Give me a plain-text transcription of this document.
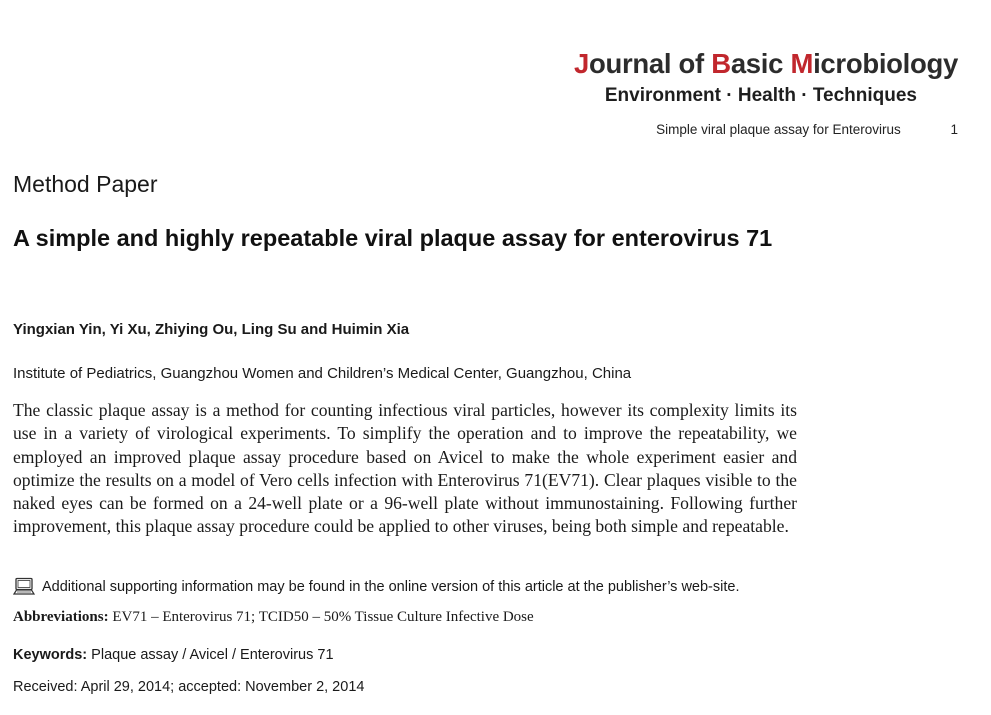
Journal of Basic Microbiology
Environment · Health · Techniques
Simple viral plaque assay for Enterovirus	1
Method Paper
A simple and highly repeatable viral plaque assay for enterovirus 71
Yingxian Yin, Yi Xu, Zhiying Ou, Ling Su and Huimin Xia
Institute of Pediatrics, Guangzhou Women and Children’s Medical Center, Guangzhou, China

The classic plaque assay is a method for counting infectious viral particles, however its complexity limits its use in a variety of virological experiments. To simplify the operation and to improve the repeatability, we employed an improved plaque assay procedure based on Avicel to make the whole experiment easier and optimize the results on a model of Vero cells infection with Enterovirus 71(EV71). Clear plaques visible to the naked eyes can be formed on a 24-well plate or a 96-well plate without immunostaining. Following further improvement, this plaque assay procedure could be applied to other viruses, being both simple and repeatable.

Additional supporting information may be found in the online version of this article at the publisher’s web-site.
Abbreviations: EV71 – Enterovirus 71; TCID50 – 50% Tissue Culture Infective Dose
Keywords: Plaque assay / Avicel / Enterovirus 71
Received: April 29, 2014; accepted: November 2, 2014
